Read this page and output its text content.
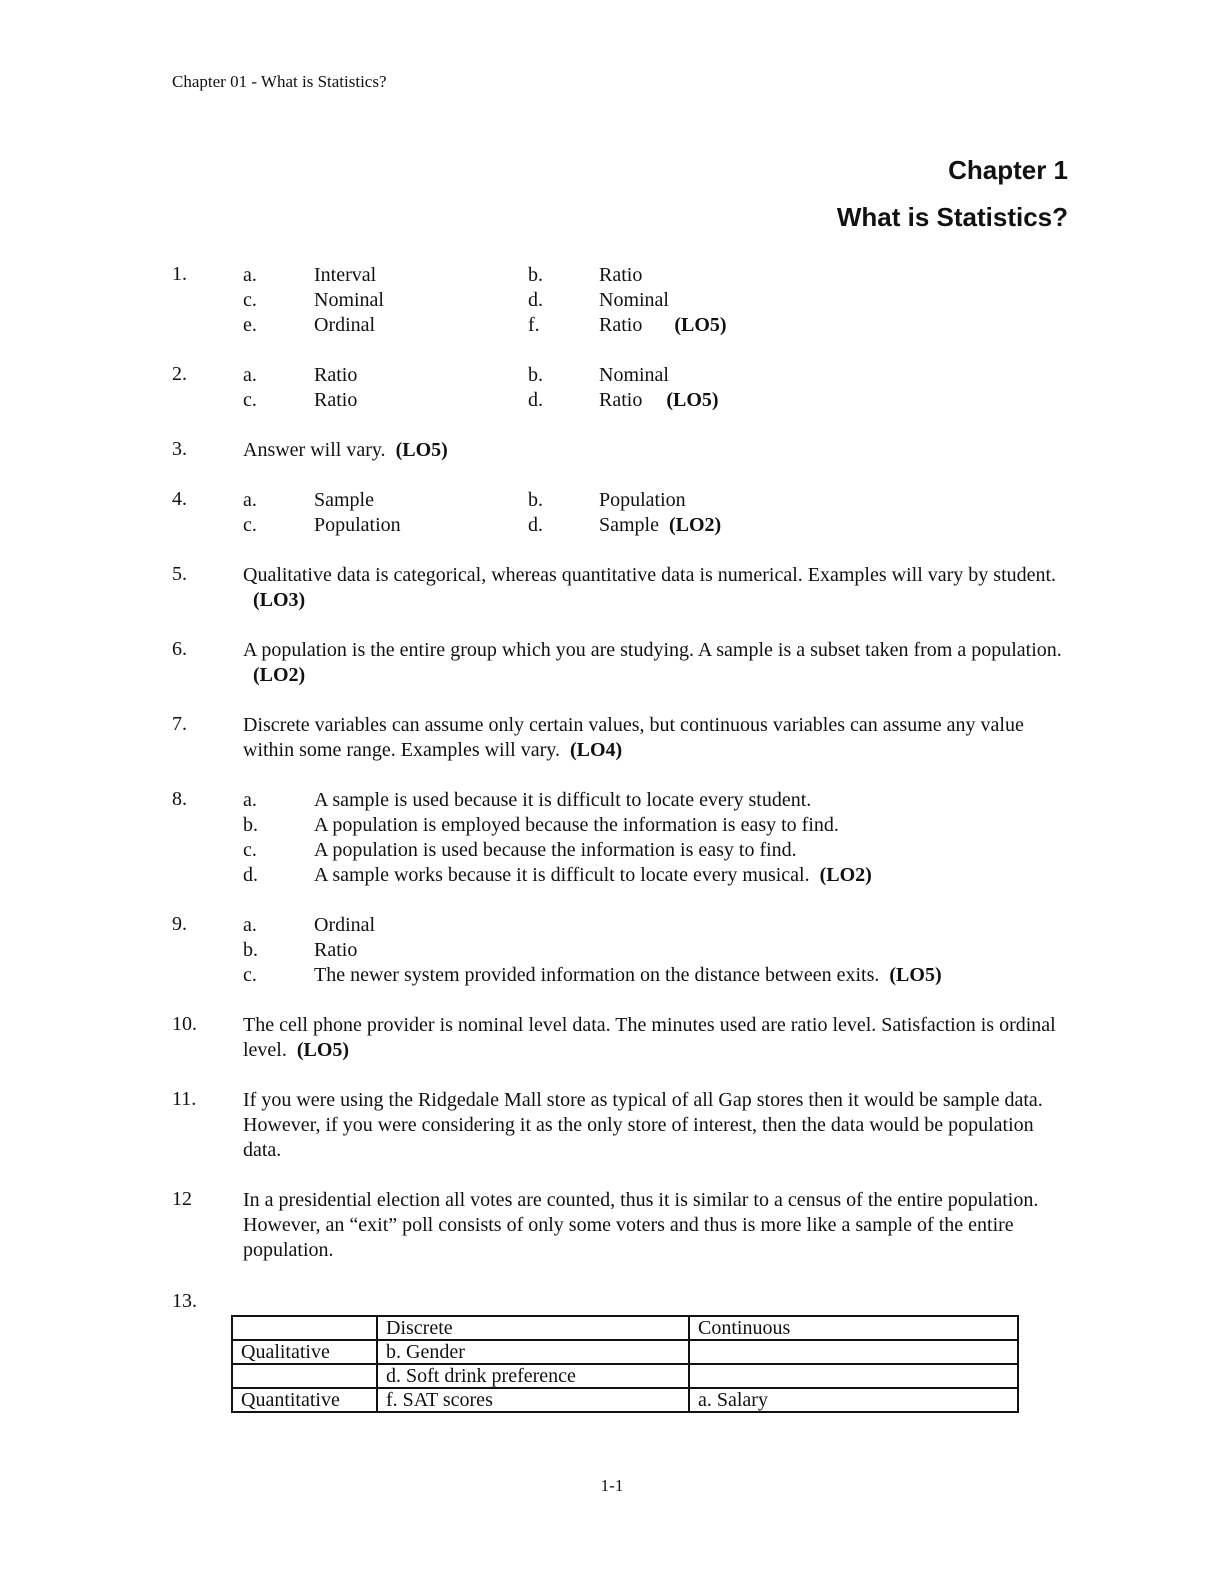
Chapter 01 - What is Statistics?
Chapter 1
What is Statistics?
1.	a.	Interval	b.	Ratio
c.	Nominal	d.	Nominal
e.	Ordinal	f.	Ratio (LO5)
2.	a.	Ratio	b.	Nominal
c.	Ratio	d.	Ratio (LO5)
3.	Answer will vary. (LO5)
4.	a.	Sample	b.	Population
c.	Population	d.	Sample (LO2)
5.	Qualitative data is categorical, whereas quantitative data is numerical. Examples will vary by student.(LO3)
6.	A population is the entire group which you are studying. A sample is a subset taken from a population.(LO2)
7.	Discrete variables can assume only certain values, but continuous variables can assume any value within some range. Examples will vary. (LO4)
8.	a.	A sample is used because it is difficult to locate every student.
b.	A population is employed because the information is easy to find.
c.	A population is used because the information is easy to find.
d.	A sample works because it is difficult to locate every musical. (LO2)
9.	a.	Ordinal
b.	Ratio
c.	The newer system provided information on the distance between exits. (LO5)
10. The cell phone provider is nominal level data. The minutes used are ratio level. Satisfaction is ordinal level. (LO5)
11. If you were using the Ridgedale Mall store as typical of all Gap stores then it would be sample data. However, if you were considering it as the only store of interest, then the data would be population data.
12	In a presidential election all votes are counted, thus it is similar to a census of the entire population. However, an “exit” poll consists of only some voters and thus is more like a sample of the entire population.
13.
	Discrete	Continuous
Qualitative	b. Gender	
	d. Soft drink preference	
Quantitative	f. SAT scores	a. Salary
1-1
